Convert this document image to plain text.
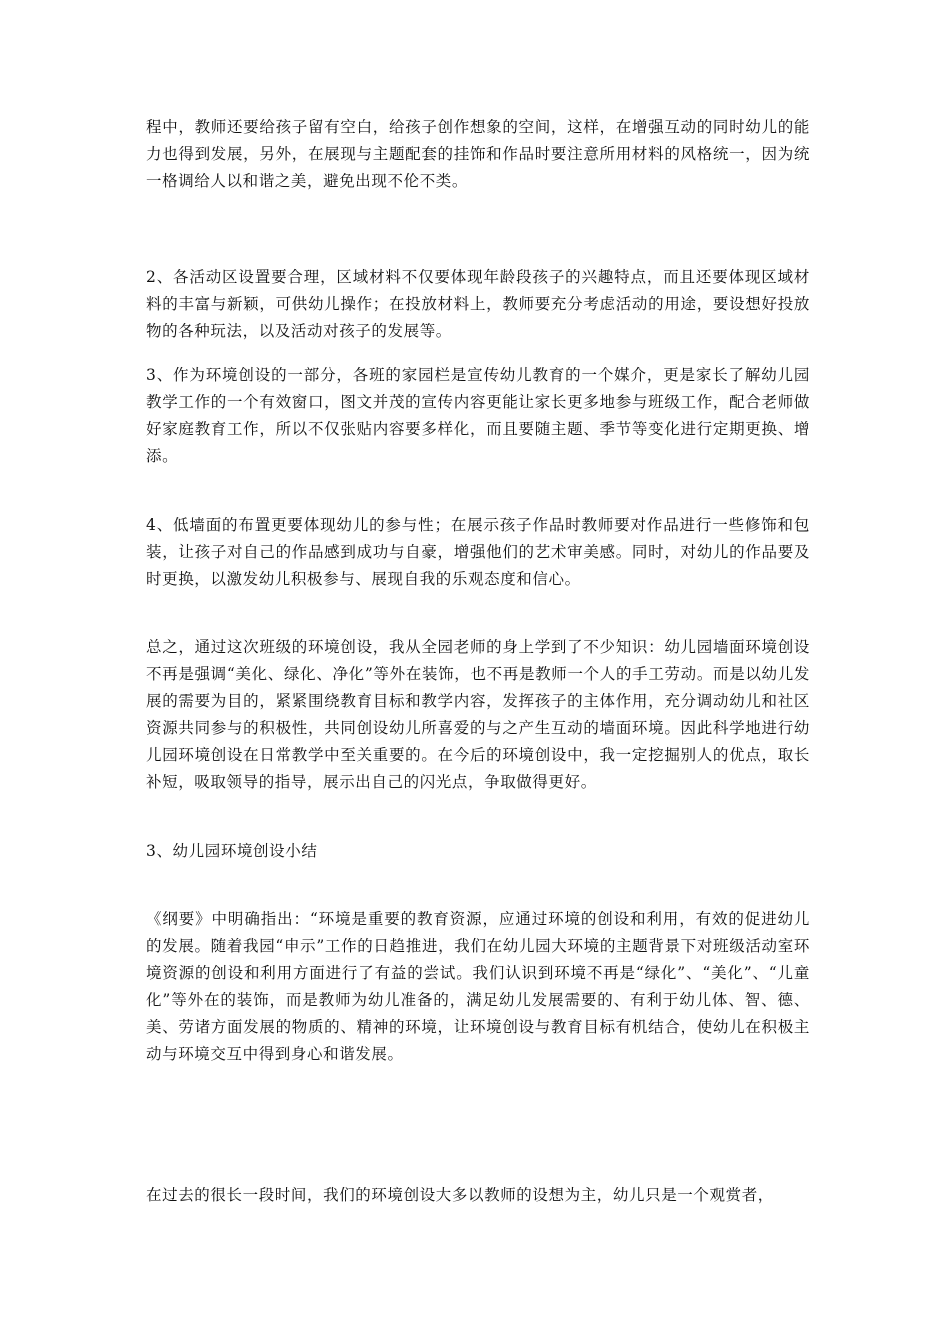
程中，教师还要给孩子留有空白，给孩子创作想象的空间，这样，在增强互动的同时幼儿的能力也得到发展，另外，在展现与主题配套的挂饰和作品时要注意所用材料的风格统一，因为统一格调给人以和谐之美，避免出现不伦不类。

2、各活动区设置要合理，区域材料不仅要体现年龄段孩子的兴趣特点，而且还要体现区域材料的丰富与新颖，可供幼儿操作；在投放材料上，教师要充分考虑活动的用途，要设想好投放物的各种玩法，以及活动对孩子的发展等。

3、作为环境创设的一部分，各班的家园栏是宣传幼儿教育的一个媒介，更是家长了解幼儿园教学工作的一个有效窗口，图文并茂的宣传内容更能让家长更多地参与班级工作，配合老师做好家庭教育工作，所以不仅张贴内容要多样化，而且要随主题、季节等变化进行定期更换、增添。

4、低墙面的布置更要体现幼儿的参与性；在展示孩子作品时教师要对作品进行一些修饰和包装，让孩子对自己的作品感到成功与自豪，增强他们的艺术审美感。同时，对幼儿的作品要及时更换，以激发幼儿积极参与、展现自我的乐观态度和信心。

总之，通过这次班级的环境创设，我从全园老师的身上学到了不少知识：幼儿园墙面环境创设不再是强调“美化、绿化、净化”等外在装饰，也不再是教师一个人的手工劳动。而是以幼儿发展的需要为目的，紧紧围绕教育目标和教学内容，发挥孩子的主体作用，充分调动幼儿和社区资源共同参与的积极性，共同创设幼儿所喜爱的与之产生互动的墙面环境。因此科学地进行幼儿园环境创设在日常教学中至关重要的。在今后的环境创设中，我一定挖掘别人的优点，取长补短，吸取领导的指导，展示出自己的闪光点，争取做得更好。

3、幼儿园环境创设小结

《纲要》中明确指出：“环境是重要的教育资源，应通过环境的创设和利用，有效的促进幼儿的发展。随着我园“申示”工作的日趋推进，我们在幼儿园大环境的主题背景下对班级活动室环境资源的创设和利用方面进行了有益的尝试。我们认识到环境不再是“绿化”、“美化”、“儿童化”等外在的装饰，而是教师为幼儿准备的，满足幼儿发展需要的、有利于幼儿体、智、德、美、劳诸方面发展的物质的、精神的环境，让环境创设与教育目标有机结合，使幼儿在积极主动与环境交互中得到身心和谐发展。

在过去的很长一段时间，我们的环境创设大多以教师的设想为主，幼儿只是一个观赏者，
